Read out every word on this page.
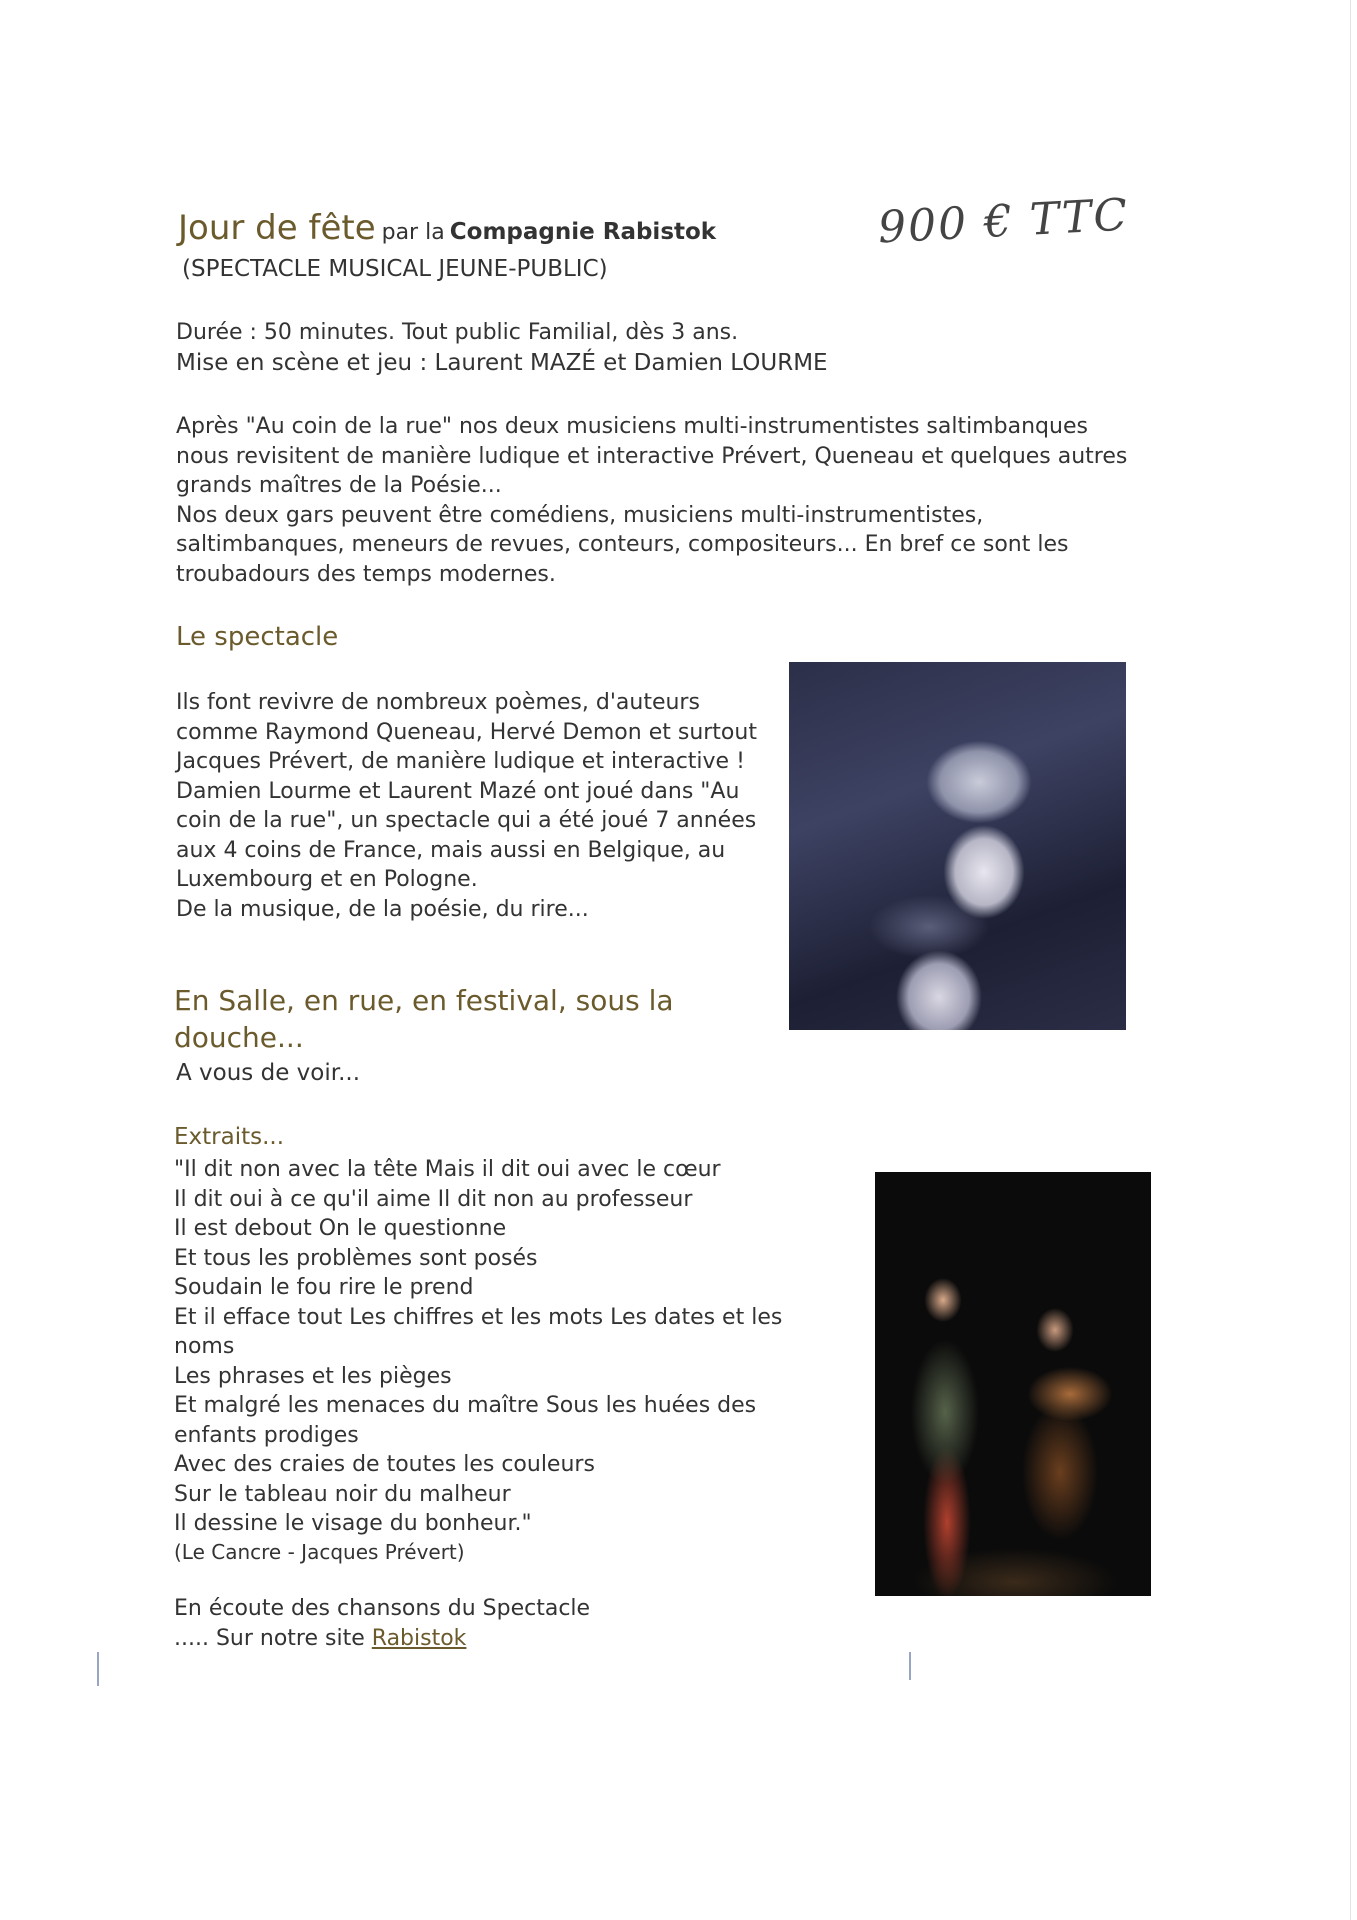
Jour de fête par la Compagnie Rabistok
(SPECTACLE MUSICAL JEUNE-PUBLIC)
900 € TTC
Durée : 50 minutes. Tout public Familial, dès 3 ans.
Mise en scène et jeu : Laurent MAZÉ et Damien LOURME
Après "Au coin de la rue" nos deux musiciens multi-instrumentistes saltimbanques nous revisitent de manière ludique et interactive Prévert, Queneau et quelques autres grands maîtres de la Poésie...
Nos deux gars peuvent être comédiens, musiciens multi-instrumentistes, saltimbanques, meneurs de revues, conteurs, compositeurs... En bref ce sont les troubadours des temps modernes.
Le spectacle
Ils font revivre de nombreux poèmes, d'auteurs comme Raymond Queneau, Hervé Demon et surtout Jacques Prévert, de manière ludique et interactive !
Damien Lourme et Laurent Mazé ont joué dans "Au coin de la rue", un spectacle qui a été joué 7 années aux 4 coins de France, mais aussi en Belgique, au Luxembourg et en Pologne.
De la musique, de la poésie, du rire...
En Salle, en rue, en festival, sous la douche...
A vous de voir...
Extraits...
"Il dit non avec la tête Mais il dit oui avec le cœur
Il dit oui à ce qu'il aime Il dit non au professeur
Il est debout On le questionne
Et tous les problèmes sont posés
Soudain le fou rire le prend
Et il efface tout Les chiffres et les mots Les dates et les noms
Les phrases et les pièges
Et malgré les menaces du maître Sous les huées des enfants prodiges
Avec des craies de toutes les couleurs
Sur le tableau noir du malheur
Il dessine le visage du bonheur."
(Le Cancre - Jacques Prévert)
En écoute des chansons du Spectacle
..... Sur notre site Rabistok
